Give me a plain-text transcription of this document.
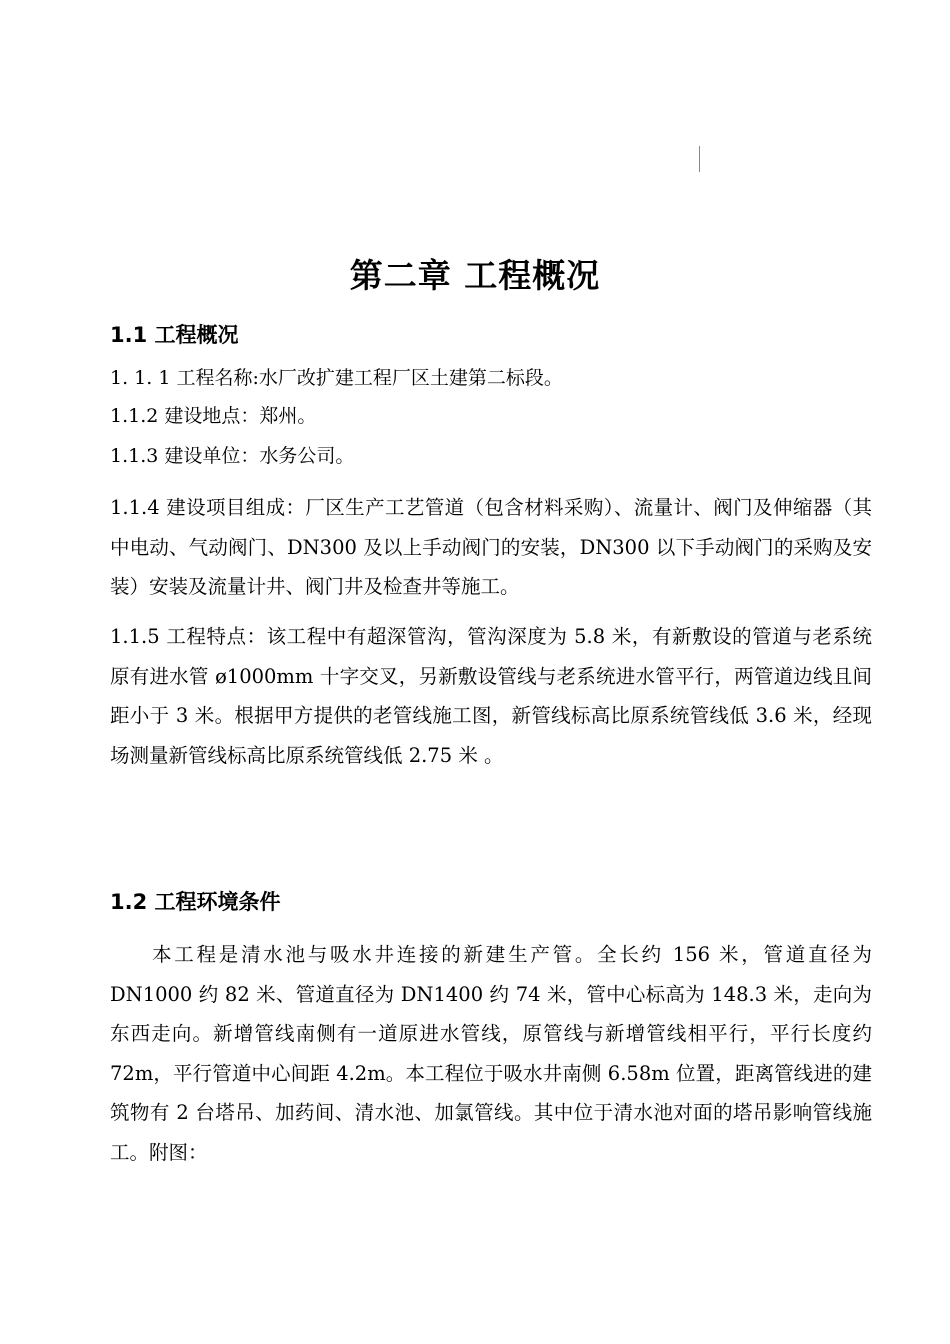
第二章 工程概况
1.1 工程概况

1. 1. 1 工程名称:水厂改扩建工程厂区土建第二标段。

1.1.2 建设地点：郑州。

1.1.3 建设单位：水务公司。

1.1.4 建设项目组成：厂区生产工艺管道（包含材料采购）、流量计、阀门及伸缩器（其中电动、气动阀门、DN300 及以上手动阀门的安装，DN300 以下手动阀门的采购及安装）安装及流量计井、阀门井及检查井等施工。

1.1.5 工程特点：该工程中有超深管沟，管沟深度为 5.8 米，有新敷设的管道与老系统原有进水管 ø1000mm 十字交叉，另新敷设管线与老系统进水管平行，两管道边线且间距小于 3 米。根据甲方提供的老管线施工图，新管线标高比原系统管线低 3.6 米，经现场测量新管线标高比原系统管线低 2.75 米 。

1.2 工程环境条件

本工程是清水池与吸水井连接的新建生产管。全长约 156 米，管道直径为 DN1000 约 82 米、管道直径为 DN1400 约 74 米，管中心标高为 148.3 米，走向为东西走向。新增管线南侧有一道原进水管线，原管线与新增管线相平行，平行长度约 72m，平行管道中心间距 4.2m。本工程位于吸水井南侧 6.58m 位置，距离管线进的建筑物有 2 台塔吊、加药间、清水池、加氯管线。其中位于清水池对面的塔吊影响管线施工。附图：
